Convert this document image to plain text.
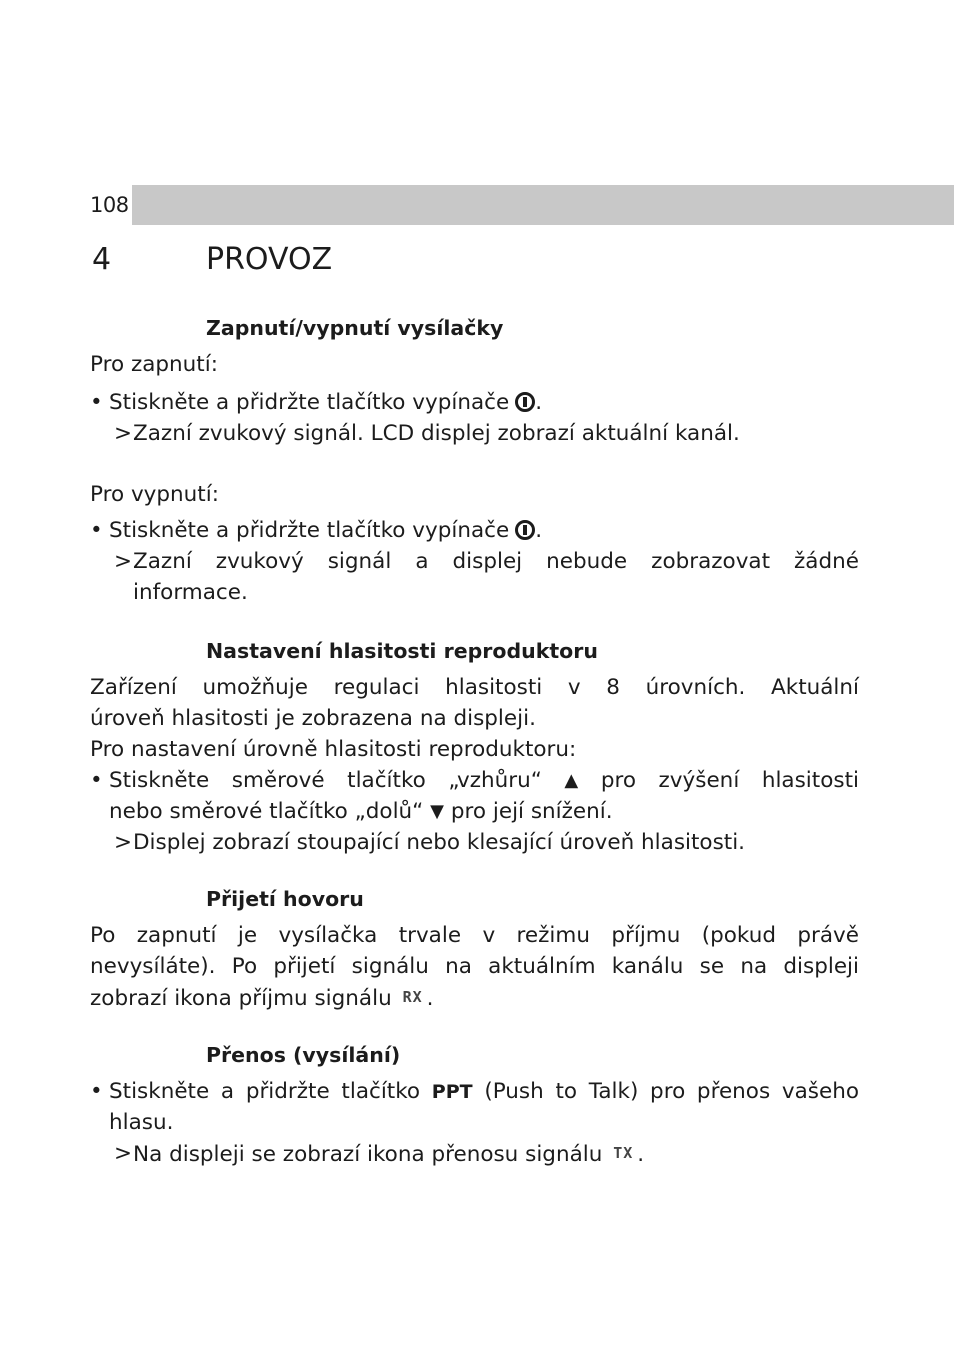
108
4	PROVOZ
Zapnutí/vypnutí vysílačky
Pro zapnutí:
• Stiskněte a přidržte tlačítko vypínače .
> Zazní zvukový signál. LCD displej zobrazí aktuální kanál.
Pro vypnutí:
• Stiskněte a přidržte tlačítko vypínače .
> Zazní zvukový signál a displej nebude zobrazovat žádné
informace.
Nastavení hlasitosti reproduktoru
Zařízení umožňuje regulaci hlasitosti v 8 úrovních. Aktuální
úroveň hlasitosti je zobrazena na displeji.
Pro nastavení úrovně hlasitosti reproduktoru:
• Stiskněte směrové tlačítko „vzhůru“ ▲ pro zvýšení hlasitosti
nebo směrové tlačítko „dolů“ ▼ pro její snížení.
> Displej zobrazí stoupající nebo klesající úroveň hlasitosti.
Přijetí hovoru
Po zapnutí je vysílačka trvale v režimu příjmu (pokud právě
nevysíláte). Po přijetí signálu na aktuálním kanálu se na displeji
zobrazí ikona příjmu signálu RX .
Přenos (vysílání)
• Stiskněte a přidržte tlačítko PPT (Push to Talk) pro přenos vašeho
hlasu.
> Na displeji se zobrazí ikona přenosu signálu TX .
